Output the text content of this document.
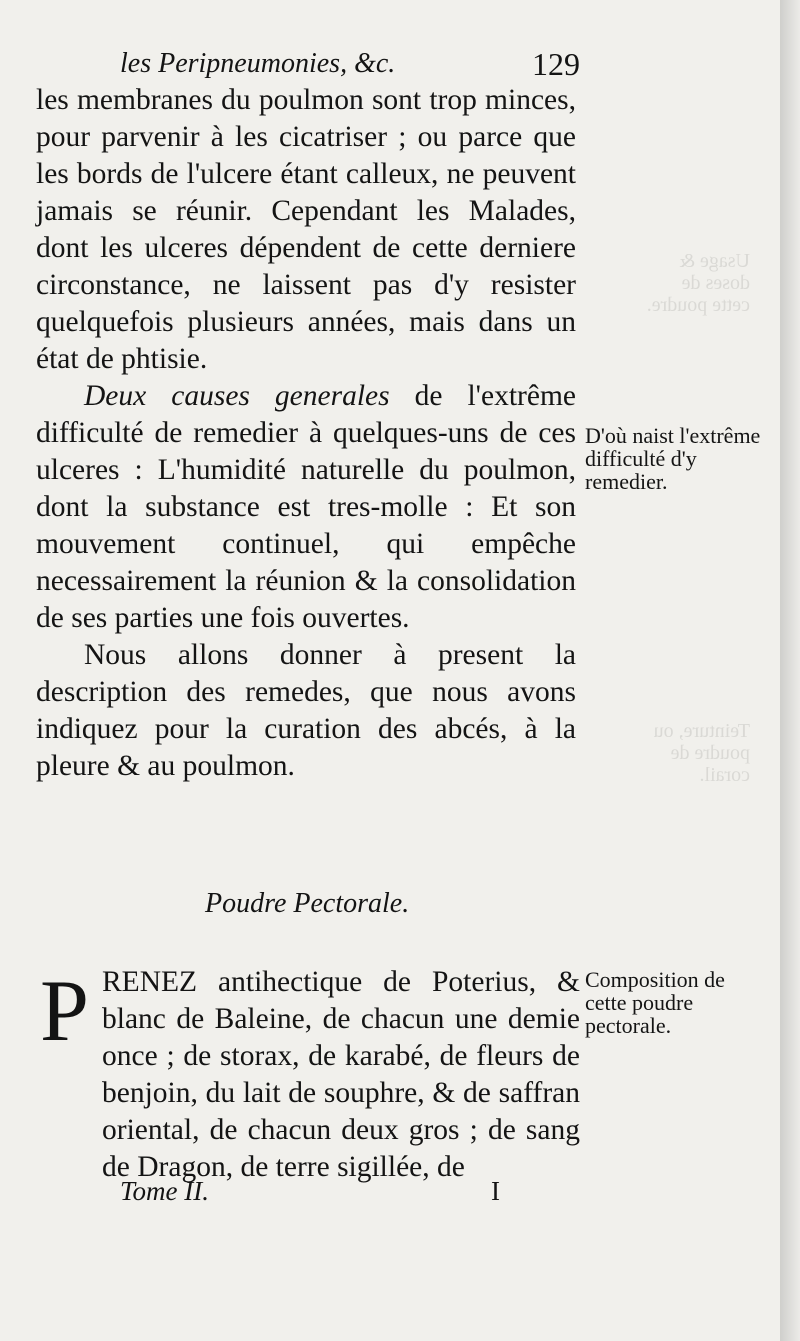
Usage & doses de cette poudre.
Teinture, ou poudre de corail.
les Peripneumonies, &c.	129

les membranes du poulmon sont trop minces, pour parvenir à les cicatriser ; ou parce que les bords de l'ulcere étant calleux, ne peuvent jamais se réunir. Cependant les Malades, dont les ulceres dépendent de cette derniere circonstance, ne laissent pas d'y resister quelquefois plusieurs années, mais dans un état de phtisie.

Deux causes generales de l'extrême difficulté de remedier à quelques-uns de ces ulceres : L'humidité naturelle du poulmon, dont la substance est tres-molle : Et son mouvement continuel, qui empêche necessairement la réunion & la consolidation de ses parties une fois ouvertes.

Nous allons donner à present la description des remedes, que nous avons indiquez pour la curation des abcés, à la pleure & au poulmon.

D'où naist l'extrême difficulté d'y remedier.
Poudre Pectorale.
P RENEZ antihectique de Poterius, & blanc de Baleine, de chacun une demie once ; de storax, de karabé, de fleurs de benjoin, du lait de souphre, & de saffran oriental, de chacun deux gros ; de sang de Dragon, de terre sigillée, de

Composition de cette poudre pectorale.
Tome II.	I
